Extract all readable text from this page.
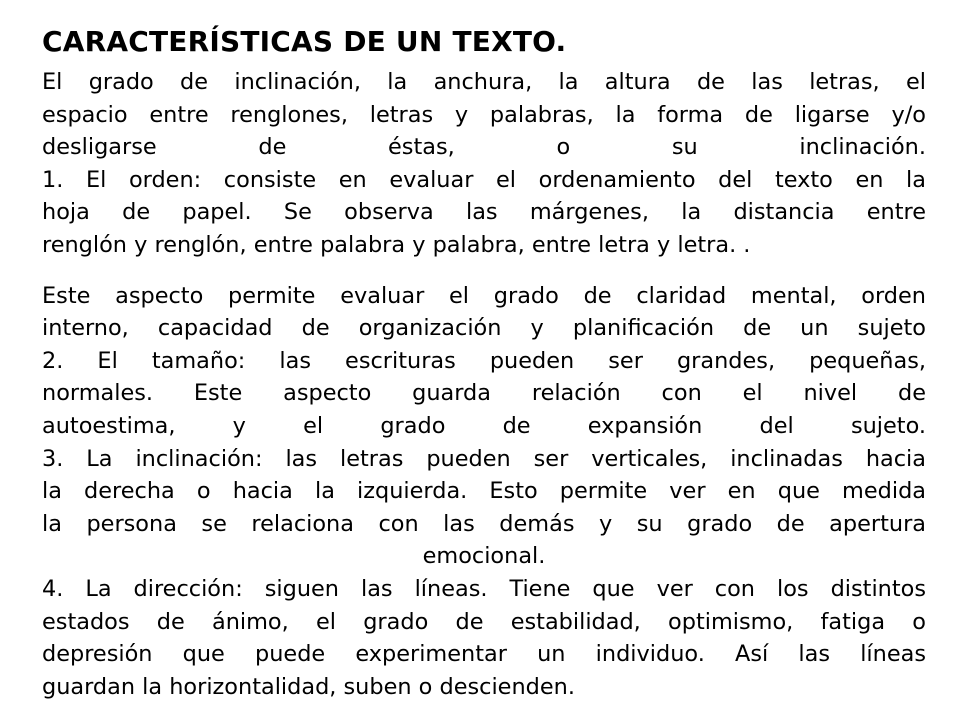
CARACTERÍSTICAS DE UN TEXTO.
El grado de inclinación, la anchura, la altura de las letras, el
espacio entre renglones, letras y palabras, la forma de ligarse y/o
desligarse de éstas, o su inclinación.
1. El orden: consiste en evaluar el ordenamiento del texto en la
hoja de papel. Se observa las márgenes, la distancia entre
renglón y renglón, entre palabra y palabra, entre letra y letra. .
Este aspecto permite evaluar el grado de claridad mental, orden
interno, capacidad de organización y planificación de un sujeto
2. El tamaño: las escrituras pueden ser grandes, pequeñas,
normales. Este aspecto guarda relación con el nivel de
autoestima, y el grado de expansión del sujeto.
3. La inclinación: las letras pueden ser verticales, inclinadas hacia
la derecha o hacia la izquierda. Esto permite ver en que medida
la persona se relaciona con las demás y su grado de apertura
emocional.
4. La dirección: siguen las líneas. Tiene que ver con los distintos
estados de ánimo, el grado de estabilidad, optimismo, fatiga o
depresión que puede experimentar un individuo. Así las líneas
guardan la horizontalidad, suben o descienden.
